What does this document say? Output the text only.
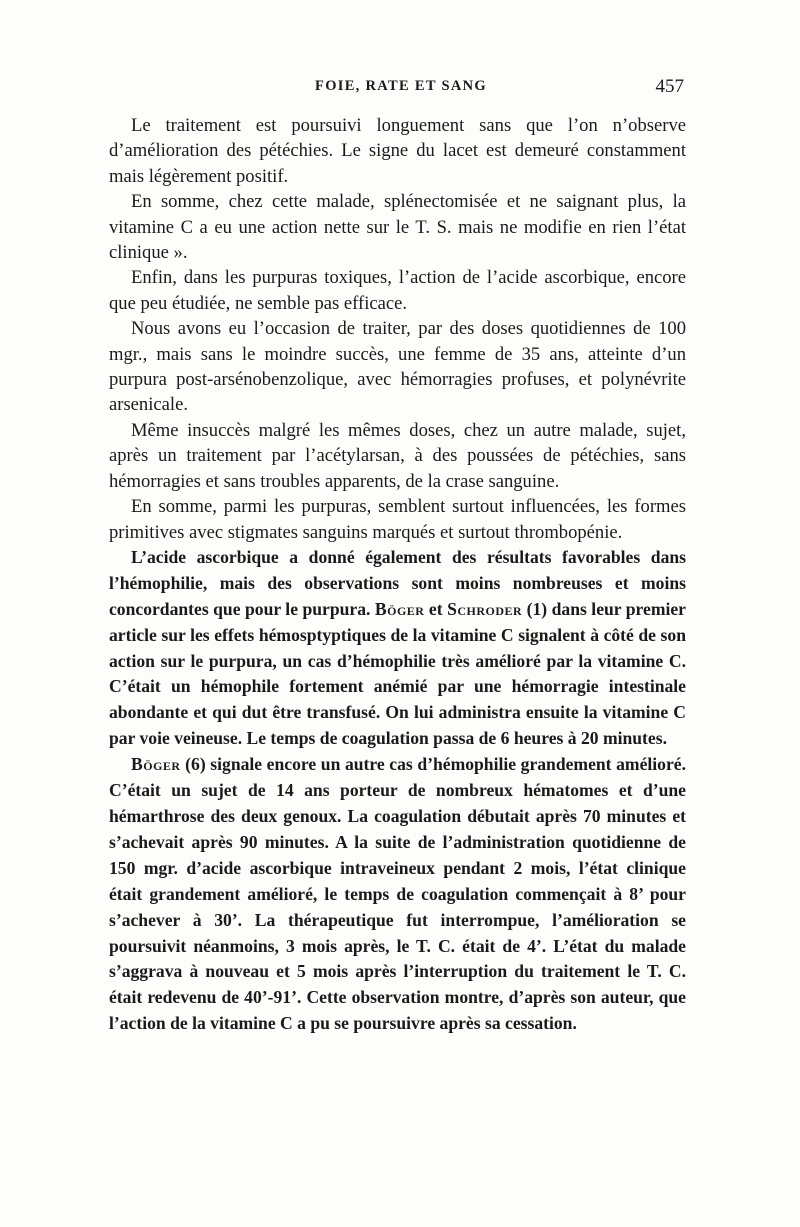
FOIE, RATE ET SANG	457

Le traitement est poursuivi longuement sans que l’on n’observe d’amélioration des pétéchies. Le signe du lacet est demeuré constamment mais légèrement positif.

En somme, chez cette malade, splénectomisée et ne saignant plus, la vitamine C a eu une action nette sur le T. S. mais ne modifie en rien l’état clinique ».

Enfin, dans les purpuras toxiques, l’action de l’acide ascorbique, encore que peu étudiée, ne semble pas efficace.

Nous avons eu l’occasion de traiter, par des doses quotidiennes de 100 mgr., mais sans le moindre succès, une femme de 35 ans, atteinte d’un purpura post-arsénobenzolique, avec hémorragies profuses, et polynévrite arsenicale.

Même insuccès malgré les mêmes doses, chez un autre malade, sujet, après un traitement par l’acétylarsan, à des poussées de pétéchies, sans hémorragies et sans troubles apparents, de la crase sanguine.

En somme, parmi les purpuras, semblent surtout influencées, les formes primitives avec stigmates sanguins marqués et surtout thrombopénie.

L’acide ascorbique a donné également des résultats favorables dans l’hémophilie, mais des observations sont moins nombreuses et moins concordantes que pour le purpura. Böger et Schroder (1) dans leur premier article sur les effets hémosptyptiques de la vitamine C signalent à côté de son action sur le purpura, un cas d’hémophilie très amélioré par la vitamine C. C’était un hémophile fortement anémié par une hémorragie intestinale abondante et qui dut être transfusé. On lui administra ensuite la vitamine C par voie veineuse. Le temps de coagulation passa de 6 heures à 20 minutes.

Böger (6) signale encore un autre cas d’hémophilie grandement amélioré. C’était un sujet de 14 ans porteur de nombreux hématomes et d’une hémarthrose des deux genoux. La coagulation débutait après 70 minutes et s’achevait après 90 minutes. A la suite de l’administration quotidienne de 150 mgr. d’acide ascorbique intraveineux pendant 2 mois, l’état clinique était grandement amélioré, le temps de coagulation commençait à 8’ pour s’achever à 30’. La thérapeutique fut interrompue, l’amélioration se poursuivit néanmoins, 3 mois après, le T. C. était de 4’. L’état du malade s’aggrava à nouveau et 5 mois après l’interruption du traitement le T. C. était redevenu de 40’-91’. Cette observation montre, d’après son auteur, que l’action de la vitamine C a pu se poursuivre après sa cessation.
